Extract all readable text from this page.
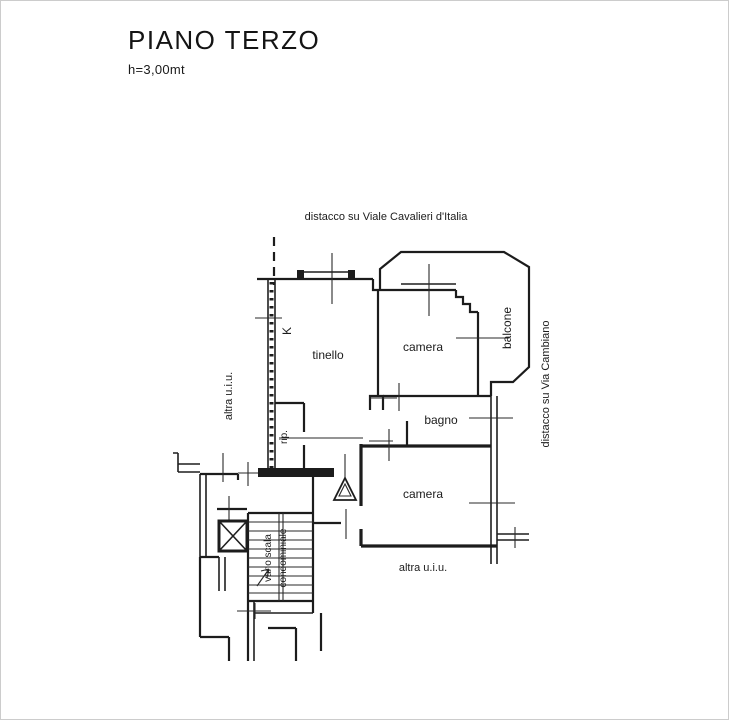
PIANO TERZO
h=3,00mt
distacco su Viale Cavalieri d'Italia
distacco su Via Cambiano
altra u.i.u.
altra u.i.u.
tinello
camera
bagno
camera
balcone
K
rip.
vano scala condominiale
